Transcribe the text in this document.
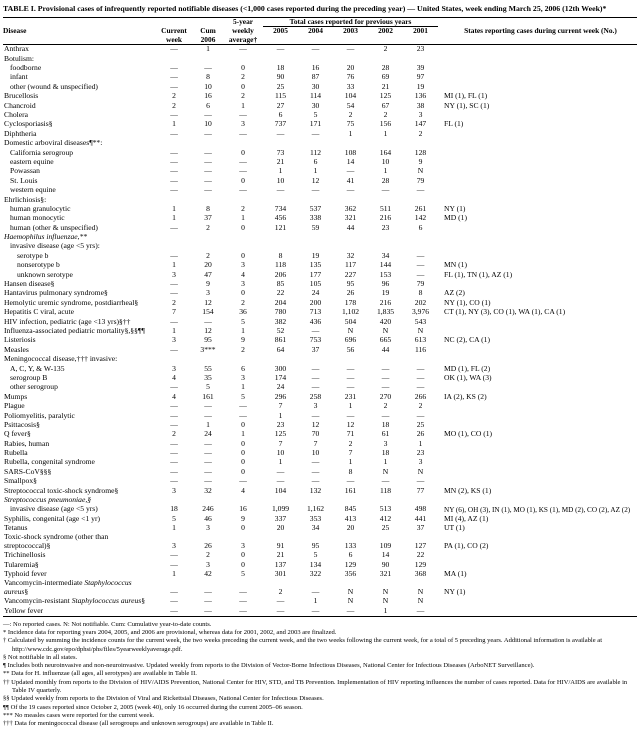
TABLE I. Provisional cases of infrequently reported notifiable diseases (<1,000 cases reported during the preceding year) — United States, week ending March 25, 2006 (12th Week)*
			5-year	Total cases reported for previous years					
Disease	Current	Cum	weekly	2005	2004	2003	2002	2001	States reporting cases during current week (No.)
	week	2006	average†						
Anthrax	—	1	—	—	—	—	2	23	
Botulism:									
foodborne	—	—	0	18	16	20	28	39	
infant	—	8	2	90	87	76	69	97	
other (wound & unspecified)	—	10	0	25	30	33	21	19	
Brucellosis	2	16	2	115	114	104	125	136	MI (1), FL (1)
Chancroid	2	6	1	27	30	54	67	38	NY (1), SC (1)
Cholera	—	—	—	6	5	2	2	3	
Cyclosporiasis§	1	10	3	737	171	75	156	147	FL (1)
Diphtheria	—	—	—	—	—	1	1	2	
Domestic arboviral diseases¶**:									
California serogroup	—	—	0	73	112	108	164	128	
eastern equine	—	—	—	21	6	14	10	9	
Powassan	—	—	—	1	1	—	1	N	
St. Louis	—	—	0	10	12	41	28	79	
western equine	—	—	—	—	—	—	—	—	
Ehrlichiosis§:									
human granulocytic	1	8	2	734	537	362	511	261	NY (1)
human monocytic	1	37	1	456	338	321	216	142	MD (1)
human (other & unspecified)	—	2	0	121	59	44	23	6	
Haemophilus influenzae,**									
invasive disease (age <5 yrs):									
serotype b	—	2	0	8	19	32	34	—	
nonserotype b	1	20	3	118	135	117	144	—	MN (1)
unknown serotype	3	47	4	206	177	227	153	—	FL (1), TN (1), AZ (1)
Hansen disease§	—	9	3	85	105	95	96	79	
Hantavirus pulmonary syndrome§	—	3	0	22	24	26	19	8	AZ (2)
Hemolytic uremic syndrome, postdiarrheal§	2	12	2	204	200	178	216	202	NY (1), CO (1)
Hepatitis C viral, acute	7	154	36	780	713	1,102	1,835	3,976	CT (1), NY (3), CO (1), WA (1), CA (1)
HIV infection, pediatric (age <13 yrs)§††	—	—	5	382	436	504	420	543	
Influenza-associated pediatric mortality§,§§¶¶	1	12	1	52	—	N	N	N	
Listeriosis	3	95	9	861	753	696	665	613	NC (2), CA (1)
Measles	—	3***	2	64	37	56	44	116	
Meningococcal disease,††† invasive:									
A, C, Y, & W-135	3	55	6	300	—	—	—	—	MD (1), FL (2)
serogroup B	4	35	3	174	—	—	—	—	OK (1), WA (3)
other serogroup	—	5	1	24	—	—	—	—	
Mumps	4	161	5	296	258	231	270	266	IA (2), KS (2)
Plague	—	—	—	7	3	1	2	2	
Poliomyelitis, paralytic	—	—	—	1	—	—	—	—	
Psittacosis§	—	1	0	23	12	12	18	25	
Q fever§	2	24	1	125	70	71	61	26	MO (1), CO (1)
Rabies, human	—	—	0	7	7	2	3	1	
Rubella	—	—	0	10	10	7	18	23	
Rubella, congenital syndrome	—	—	0	1	—	1	1	3	
SARS-CoV§§§	—	—	0	—	—	8	N	N	
Smallpox§	—	—	—	—	—	—	—	—	
Streptococcal toxic-shock syndrome§	3	32	4	104	132	161	118	77	MN (2), KS (1)
Streptococcus pneumoniae,§									
invasive disease (age <5 yrs)	18	246	16	1,099	1,162	845	513	498	NY (6), OH (3), IN (1), MO (1), KS (1), MD (2), CO (2), AZ (2)
Syphilis, congenital (age <1 yr)	5	46	9	337	353	413	412	441	MI (4), AZ (1)
Tetanus	1	3	0	20	34	20	25	37	UT (1)
Toxic-shock syndrome (other than streptococcal)§	3	26	3	91	95	133	109	127	PA (1), CO (2)
Trichinellosis	—	2	0	21	5	6	14	22	
Tularemia§	—	3	0	137	134	129	90	129	
Typhoid fever	1	42	5	301	322	356	321	368	MA (1)
Vancomycin-intermediate Staphylococcus aureus§	—	—	—	2	—	N	N	N	NY (1)
Vancomycin-resistant Staphylococcus aureus§	—	—	—	—	1	N	N	N	
Yellow fever	—	—	—	—	—	—	1	—	

—: No reported cases. N: Not notifiable. Cum: Cumulative year-to-date counts.

* Incidence data for reporting years 2004, 2005, and 2006 are provisional, whereas data for 2001, 2002, and 2003 are finalized.

† Calculated by summing the incidence counts for the current week, the two weeks preceding the current week, and the two weeks following the current week, for a total of 5 preceding years. Additional information is available at http://www.cdc.gov/epo/dphsi/phs/files/5yearweeklyaverage.pdf.

§ Not notifiable in all states.

¶ Includes both neuroinvasive and non-neuroinvasive. Updated weekly from reports to the Division of Vector-Borne Infectious Diseases, National Center for Infectious Diseases (ArboNET Surveillance).

** Data for H. influenzae (all ages, all serotypes) are available in Table II.

†† Updated monthly from reports to the Division of HIV/AIDS Prevention, National Center for HIV, STD, and TB Prevention. Implementation of HIV reporting influences the number of cases reported. Data for HIV/AIDS are available in Table IV quarterly.

§§ Updated weekly from reports to the Division of Viral and Rickettsial Diseases, National Center for Infectious Diseases.

¶¶ Of the 19 cases reported since October 2, 2005 (week 40), only 16 occurred during the current 2005–06 season.

*** No measles cases were reported for the current week.

††† Data for meningococcal disease (all serogroups and unknown serogroups) are available in Table II.
